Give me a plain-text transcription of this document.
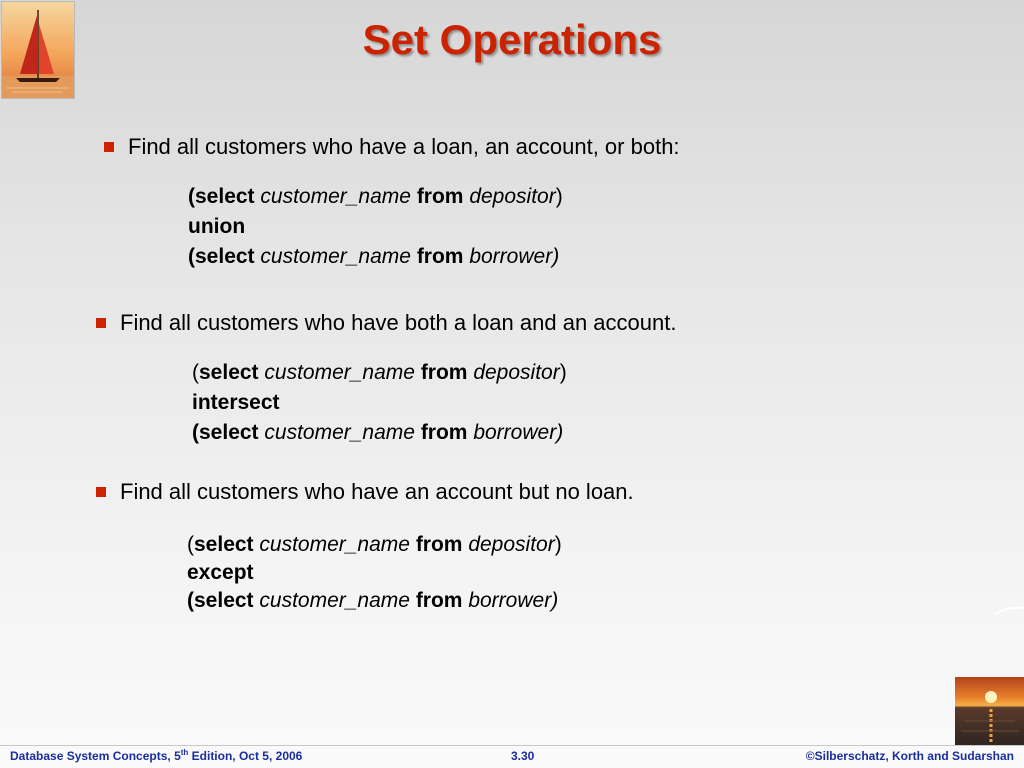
Set Operations
Find all customers who have a loan, an account, or both:
(select customer_name from depositor)
union
(select customer_name from borrower)
Find all customers who have both a loan and an account.
(select customer_name from depositor)
intersect
(select customer_name from borrower)
Find all customers who have an account but no loan.
(select customer_name from depositor)
except
(select customer_name from borrower)
Database System Concepts, 5th Edition, Oct 5, 2006	3.30	©Silberschatz, Korth and Sudarshan
